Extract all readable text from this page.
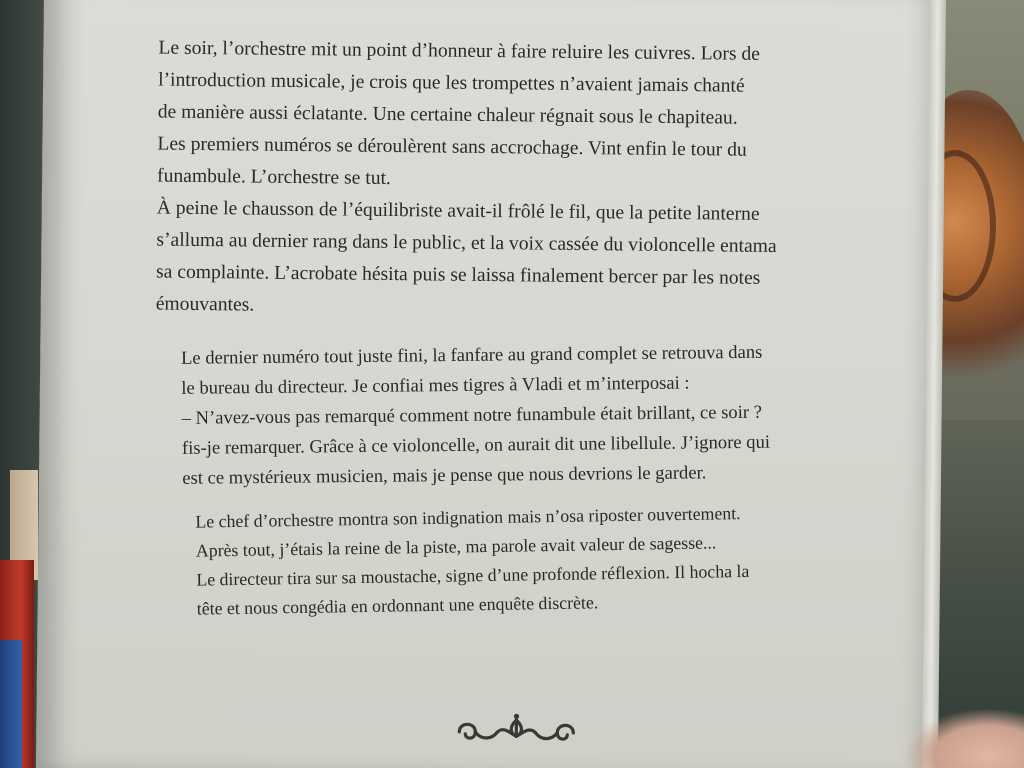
Le soir, l’orchestre mit un point d’honneur à faire reluire les cuivres. Lors de
l’introduction musicale, je crois que les trompettes n’avaient jamais chanté
de manière aussi éclatante. Une certaine chaleur régnait sous le chapiteau.
Les premiers numéros se déroulèrent sans accrochage. Vint enfin le tour du
funambule. L’orchestre se tut.
À peine le chausson de l’équilibriste avait-il frôlé le fil, que la petite lanterne
s’alluma au dernier rang dans le public, et la voix cassée du violoncelle entama
sa complainte. L’acrobate hésita puis se laissa finalement bercer par les notes
émouvantes.
Le dernier numéro tout juste fini, la fanfare au grand complet se retrouva dans
le bureau du directeur. Je confiai mes tigres à Vladi et m’interposai :
– N’avez-vous pas remarqué comment notre funambule était brillant, ce soir ?
fis-je remarquer. Grâce à ce violoncelle, on aurait dit une libellule. J’ignore qui
est ce mystérieux musicien, mais je pense que nous devrions le garder.
Le chef d’orchestre montra son indignation mais n’osa riposter ouvertement.
Après tout, j’étais la reine de la piste, ma parole avait valeur de sagesse...
Le directeur tira sur sa moustache, signe d’une profonde réflexion. Il hocha la
tête et nous congédia en ordonnant une enquête discrète.
